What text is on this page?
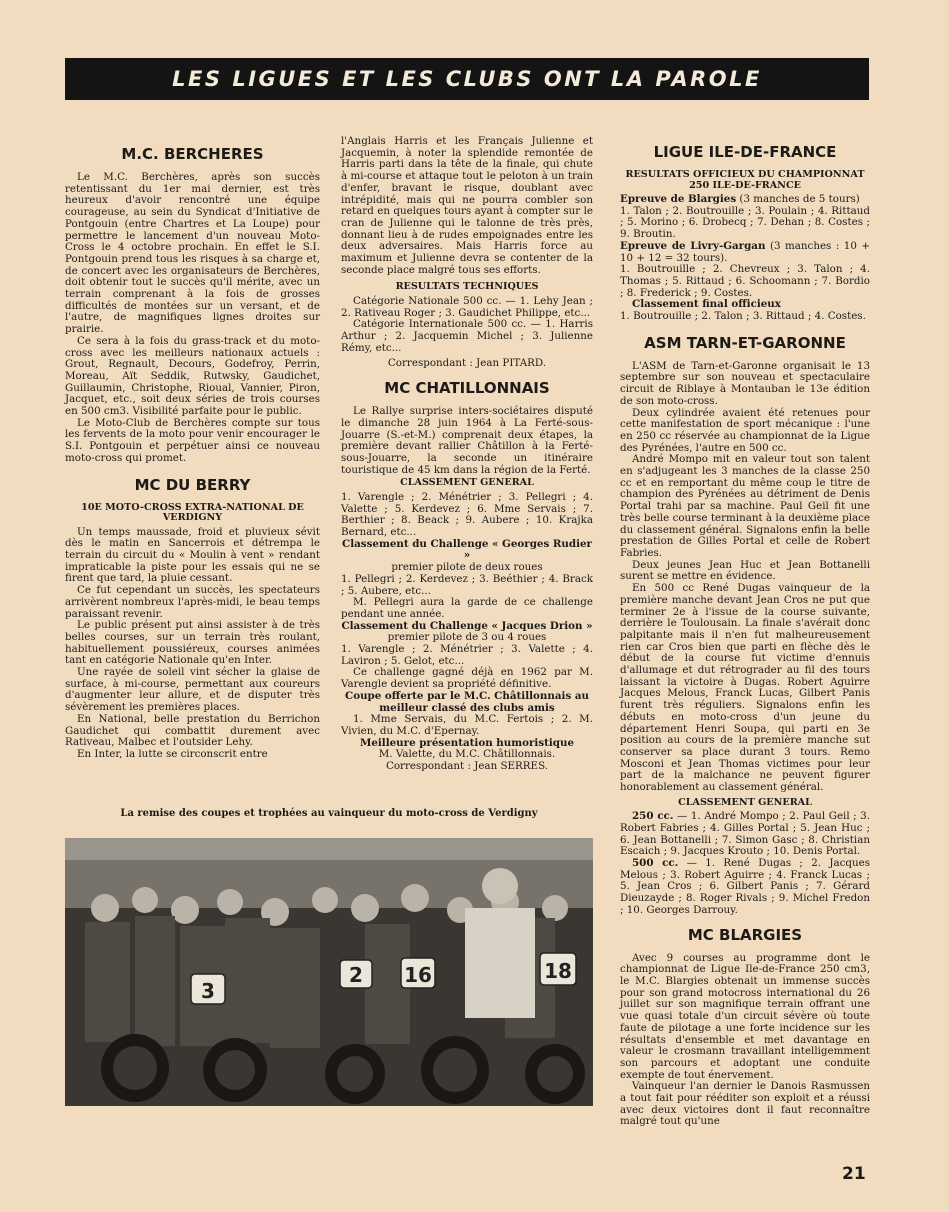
LES LIGUES ET LES CLUBS ONT LA PAROLE
M.C. BERCHERES

Le M.C. Berchères, après son succès retentissant du 1er mai dernier, est très heureux d'avoir rencontré une équipe courageuse, au sein du Syndicat d'Initiative de Pontgouin (entre Chartres et La Loupe) pour permettre le lancement d'un nouveau Moto-Cross le 4 octobre prochain. En effet le S.I. Pontgouin prend tous les risques à sa charge et, de concert avec les organisateurs de Berchères, doit obtenir tout le succès qu'il mérite, avec un terrain comprenant à la fois de grosses difficultés de montées sur un versant, et de l'autre, de magnifiques lignes droites sur prairie.

Ce sera à la fois du grass-track et du moto-cross avec les meilleurs nationaux actuels : Grout, Regnault, Decours, Godefroy, Perrin, Moreau, Aït Seddik, Rutwsky, Gaudichet, Guillaumin, Christophe, Rioual, Vannier, Piron, Jacquet, etc., soit deux séries de trois courses en 500 cm3. Visibilité parfaite pour le public.

Le Moto-Club de Berchères compte sur tous les fervents de la moto pour venir encourager le S.I. Pontgouin et perpétuer ainsi ce nouveau moto-cross qui promet.

MC DU BERRY
10E MOTO-CROSS EXTRA-NATIONAL DE VERDIGNY

Un temps maussade, froid et pluvieux sévit dès le matin en Sancerrois et détrempa le terrain du circuit du « Moulin à vent » rendant impraticable la piste pour les essais qui ne se firent que tard, la pluie cessant.

Ce fut cependant un succès, les spectateurs arrivèrent nombreux l'après-midi, le beau temps paraissant revenir.

Le public présent put ainsi assister à de très belles courses, sur un terrain très roulant, habituellement poussiéreux, courses animées tant en catégorie Nationale qu'en Inter.

Une rayée de soleil vint sécher la glaise de surface, à mi-course, permettant aux coureurs d'augmenter leur allure, et de disputer très sévèrement les premières places.

En National, belle prestation du Berrichon Gaudichet qui combattit durement avec Rativeau, Malbec et l'outsider Lehy.

En Inter, la lutte se circonscrit entre

l'Anglais Harris et les Français Julienne et Jacquemin, à noter la splendide remontée de Harris parti dans la tête de la finale, qui chute à mi-course et attaque tout le peloton à un train d'enfer, bravant le risque, doublant avec intrépidité, mais qui ne pourra combler son retard en quelques tours ayant à compter sur le cran de Julienne qui le talonne de très près, donnant lieu à de rudes empoignades entre les deux adversaires. Mais Harris force au maximum et Julienne devra se contenter de la seconde place malgré tous ses efforts.

RESULTATS TECHNIQUES

Catégorie Nationale 500 cc. — 1. Lehy Jean ; 2. Rativeau Roger ; 3. Gaudichet Philippe, etc...

Catégorie Internationale 500 cc. — 1. Harris Arthur ; 2. Jacquemin Michel ; 3. Julienne Rémy, etc...

Correspondant : Jean PITARD.

MC CHATILLONNAIS

Le Rallye surprise inters-sociétaires disputé le dimanche 28 juin 1964 à La Ferté-sous-Jouarre (S.-et-M.) comprenait deux étapes, la première devant rallier Châtillon à la Ferté-sous-Jouarre, la seconde un itinéraire touristique de 45 km dans la région de la Ferté.

CLASSEMENT GENERAL

1. Varengle ; 2. Ménétrier ; 3. Pellegri ; 4. Valette ; 5. Kerdevez ; 6. Mme Servais ; 7. Berthier ; 8. Beack ; 9. Aubere ; 10. Krajka Bernard, etc...

Classement du Challenge « Georges Rudier »

premier pilote de deux roues

1. Pellegri ; 2. Kerdevez ; 3. Beéthier ; 4. Brack ; 5. Aubere, etc...

M. Pellegri aura la garde de ce challenge pendant une année.

Classement du Challenge « Jacques Drion »

premier pilote de 3 ou 4 roues

1. Varengle ; 2. Ménétrier ; 3. Valette ; 4. Laviron ; 5. Gelot, etc...

Ce challenge gagné déjà en 1962 par M. Varengle devient sa propriété définitive.

Coupe offerte par le M.C. Châtillonnais au meilleur classé des clubs amis

1. Mme Servais, du M.C. Fertois ; 2. M. Vivien, du M.C. d'Epernay.

Meilleure présentation humoristique

M. Valette, du M.C. Châtillonnais.

Correspondant : Jean SERRES.

La remise des coupes et trophées au vainqueur du moto-cross de Verdigny
3
2 16	18
LIGUE ILE-DE-FRANCE
RESULTATS OFFICIEUX DU CHAMPIONNAT 250 ILE-DE-FRANCE

Epreuve de Blargies (3 manches de 5 tours)

1. Talon ; 2. Boutrouille ; 3. Poulain ; 4. Rittaud ; 5. Morino ; 6. Drobecq ; 7. Dehan ; 8. Costes ; 9. Broutin.

Epreuve de Livry-Gargan (3 manches : 10 + 10 + 12 = 32 tours).

1. Boutrouille ; 2. Chevreux ; 3. Talon ; 4. Thomas ; 5. Rittaud ; 6. Schoomann ; 7. Bordio ; 8. Frederick ; 9. Costes.

Classement final officieux

1. Boutrouille ; 2. Talon ; 3. Rittaud ; 4. Costes.

ASM TARN-ET-GARONNE

L'ASM de Tarn-et-Garonne organisait le 13 septembre sur son nouveau et spectaculaire circuit de Riblaye à Montauban le 13e édition de son moto-cross.

Deux cylindrée avaient été retenues pour cette manifestation de sport mécanique : l'une en 250 cc réservée au championnat de la Ligue des Pyrénées, l'autre en 500 cc.

André Mompo mit en valeur tout son talent en s'adjugeant les 3 manches de la classe 250 cc et en remportant du même coup le titre de champion des Pyrénées au détriment de Denis Portal trahi par sa machine. Paul Geil fit une très belle course terminant à la deuxième place du classement général. Signalons enfin la belle prestation de Gilles Portal et celle de Robert Fabries.

Deux jeunes Jean Huc et Jean Bottanelli surent se mettre en évidence.

En 500 cc René Dugas vainqueur de la première manche devant Jean Cros ne put que terminer 2e à l'issue de la course suivante, derrière le Toulousain. La finale s'avérait donc palpitante mais il n'en fut malheureusement rien car Cros bien que parti en flèche dès le début de la course fut victime d'ennuis d'allumage et dut rétrograder au fil des tours laissant la victoire à Dugas. Robert Aguirre Jacques Melous, Franck Lucas, Gilbert Panis furent très réguliers. Signalons enfin les débuts en moto-cross d'un jeune du département Henri Soupa, qui parti en 3e position au cours de la première manche sut conserver sa place durant 3 tours. Remo Mosconi et Jean Thomas victimes pour leur part de la malchance ne peuvent figurer honorablement au classement général.

CLASSEMENT GENERAL

250 cc. — 1. André Mompo ; 2. Paul Geil ; 3. Robert Fabries ; 4. Gilles Portal ; 5. Jean Huc ; 6. Jean Bottanelli ; 7. Simon Gasc ; 8. Christian Escaich ; 9. Jacques Krouto ; 10. Denis Portal.

500 cc. — 1. René Dugas ; 2. Jacques Melous ; 3. Robert Aguirre ; 4. Franck Lucas ; 5. Jean Cros ; 6. Gilbert Panis ; 7. Gérard Dieuzayde ; 8. Roger Rivals ; 9. Michel Fredon ; 10. Georges Darrouy.

MC BLARGIES

Avec 9 courses au programme dont le championnat de Ligue Ile-de-France 250 cm3, le M.C. Blargies obtenait un immense succès pour son grand motocross international du 26 juillet sur son magnifique terrain offrant une vue quasi totale d'un circuit sévère où toute faute de pilotage a une forte incidence sur les résultats d'ensemble et met davantage en valeur le crosmann travaillant intelligemment son parcours et adoptant une conduite exempte de tout énervement.

Vainqueur l'an dernier le Danois Rasmussen a tout fait pour rééditer son exploit et a réussi avec deux victoires dont il faut reconnaître malgré tout qu'une

21
